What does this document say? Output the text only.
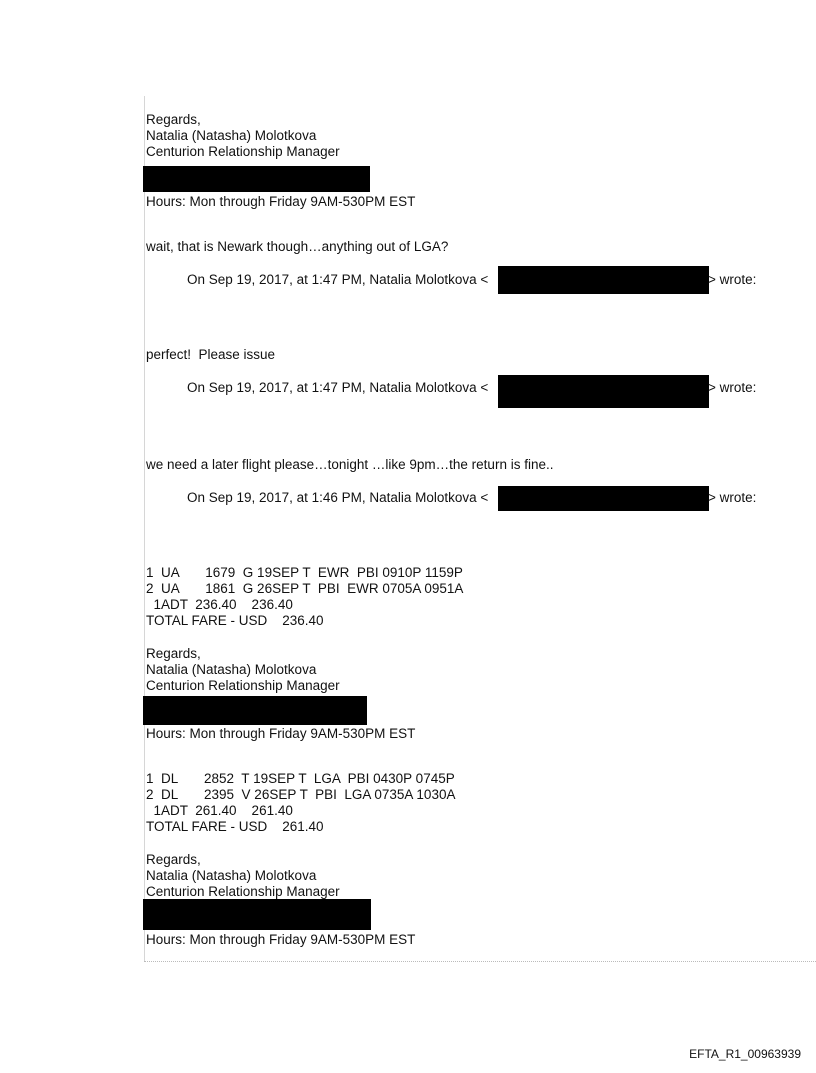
Regards,
Natalia (Natasha) Molotkova
Centurion Relationship Manager
Hours: Mon through Friday 9AM-530PM EST
wait, that is Newark though…anything out of LGA?
On Sep 19, 2017, at 1:47 PM, Natalia Molotkova <	> wrote:
perfect!  Please issue
On Sep 19, 2017, at 1:47 PM, Natalia Molotkova <	> wrote:
we need a later flight please…tonight …like 9pm…the return is fine..
On Sep 19, 2017, at 1:46 PM, Natalia Molotkova <	> wrote:
1  UA       1679  G 19SEP T  EWR  PBI 0910P 1159P
2  UA       1861  G 26SEP T  PBI  EWR 0705A 0951A
1ADT  236.40    236.40
TOTAL FARE - USD    236.40
Regards,
Natalia (Natasha) Molotkova
Centurion Relationship Manager
Hours: Mon through Friday 9AM-530PM EST
1  DL       2852  T 19SEP T  LGA  PBI 0430P 0745P
2  DL       2395  V 26SEP T  PBI  LGA 0735A 1030A
1ADT  261.40    261.40
TOTAL FARE - USD    261.40
Regards,
Natalia (Natasha) Molotkova
Centurion Relationship Manager
Hours: Mon through Friday 9AM-530PM EST
EFTA_R1_00963939
